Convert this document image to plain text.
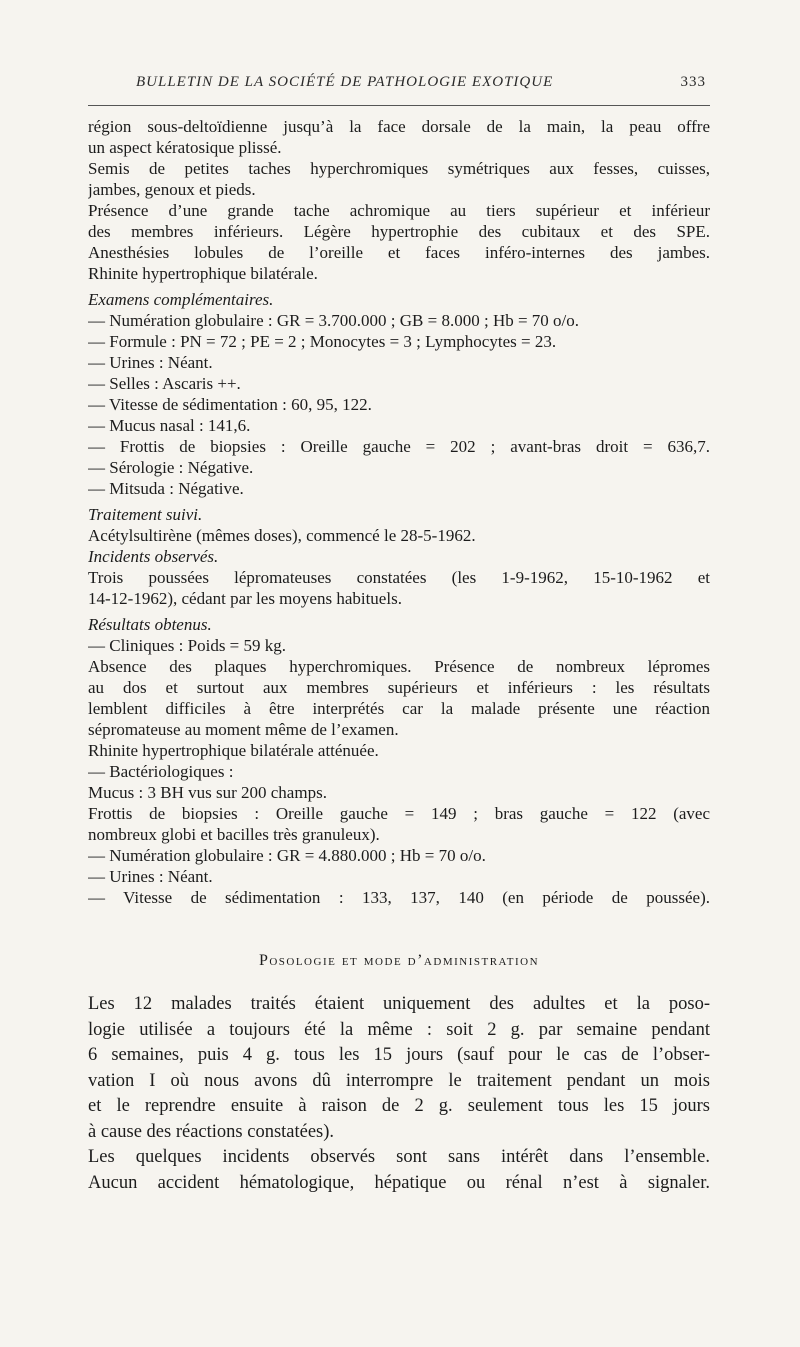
BULLETIN DE LA SOCIÉTÉ DE PATHOLOGIE EXOTIQUE	333
région sous-deltoïdienne jusqu’à la face dorsale de la main, la peau offre
un aspect kératosique plissé.
Semis de petites taches hyperchromiques symétriques aux fesses, cuisses,
jambes, genoux et pieds.
Présence d’une grande tache achromique au tiers supérieur et inférieur
des membres inférieurs. Légère hypertrophie des cubitaux et des SPE.
Anesthésies lobules de l’oreille et faces inféro-internes des jambes.
Rhinite hypertrophique bilatérale.
Examens complémentaires.
— Numération globulaire : GR = 3.700.000 ; GB = 8.000 ; Hb = 70 o/o.
— Formule : PN = 72 ; PE = 2 ; Monocytes = 3 ; Lymphocytes = 23.
— Urines : Néant.
— Selles : Ascaris ++.
— Vitesse de sédimentation : 60, 95, 122.
— Mucus nasal : 141,6.
— Frottis de biopsies : Oreille gauche = 202 ; avant-bras droit = 636,7.
— Sérologie : Négative.
— Mitsuda : Négative.
Traitement suivi.
Acétylsultirène (mêmes doses), commencé le 28-5-1962.
Incidents observés.
Trois poussées lépromateuses constatées (les 1-9-1962, 15-10-1962 et
14-12-1962), cédant par les moyens habituels.
Résultats obtenus.
— Cliniques : Poids = 59 kg.
Absence des plaques hyperchromiques. Présence de nombreux lépromes
au dos et surtout aux membres supérieurs et inférieurs : les résultats
lemblent difficiles à être interprétés car la malade présente une réaction
sépromateuse au moment même de l’examen.
Rhinite hypertrophique bilatérale atténuée.
— Bactériologiques :
Mucus : 3 BH vus sur 200 champs.
Frottis de biopsies : Oreille gauche = 149 ; bras gauche = 122 (avec
nombreux globi et bacilles très granuleux).
— Numération globulaire : GR = 4.880.000 ; Hb = 70 o/o.
— Urines : Néant.
— Vitesse de sédimentation : 133, 137, 140 (en période de poussée).
Posologie et mode d’administration
Les 12 malades traités étaient uniquement des adultes et la poso-
logie utilisée a toujours été la même : soit 2 g. par semaine pendant
6 semaines, puis 4 g. tous les 15 jours (sauf pour le cas de l’obser-
vation I où nous avons dû interrompre le traitement pendant un mois
et le reprendre ensuite à raison de 2 g. seulement tous les 15 jours
à cause des réactions constatées).
Les quelques incidents observés sont sans intérêt dans l’ensemble.
Aucun accident hématologique, hépatique ou rénal n’est à signaler.
